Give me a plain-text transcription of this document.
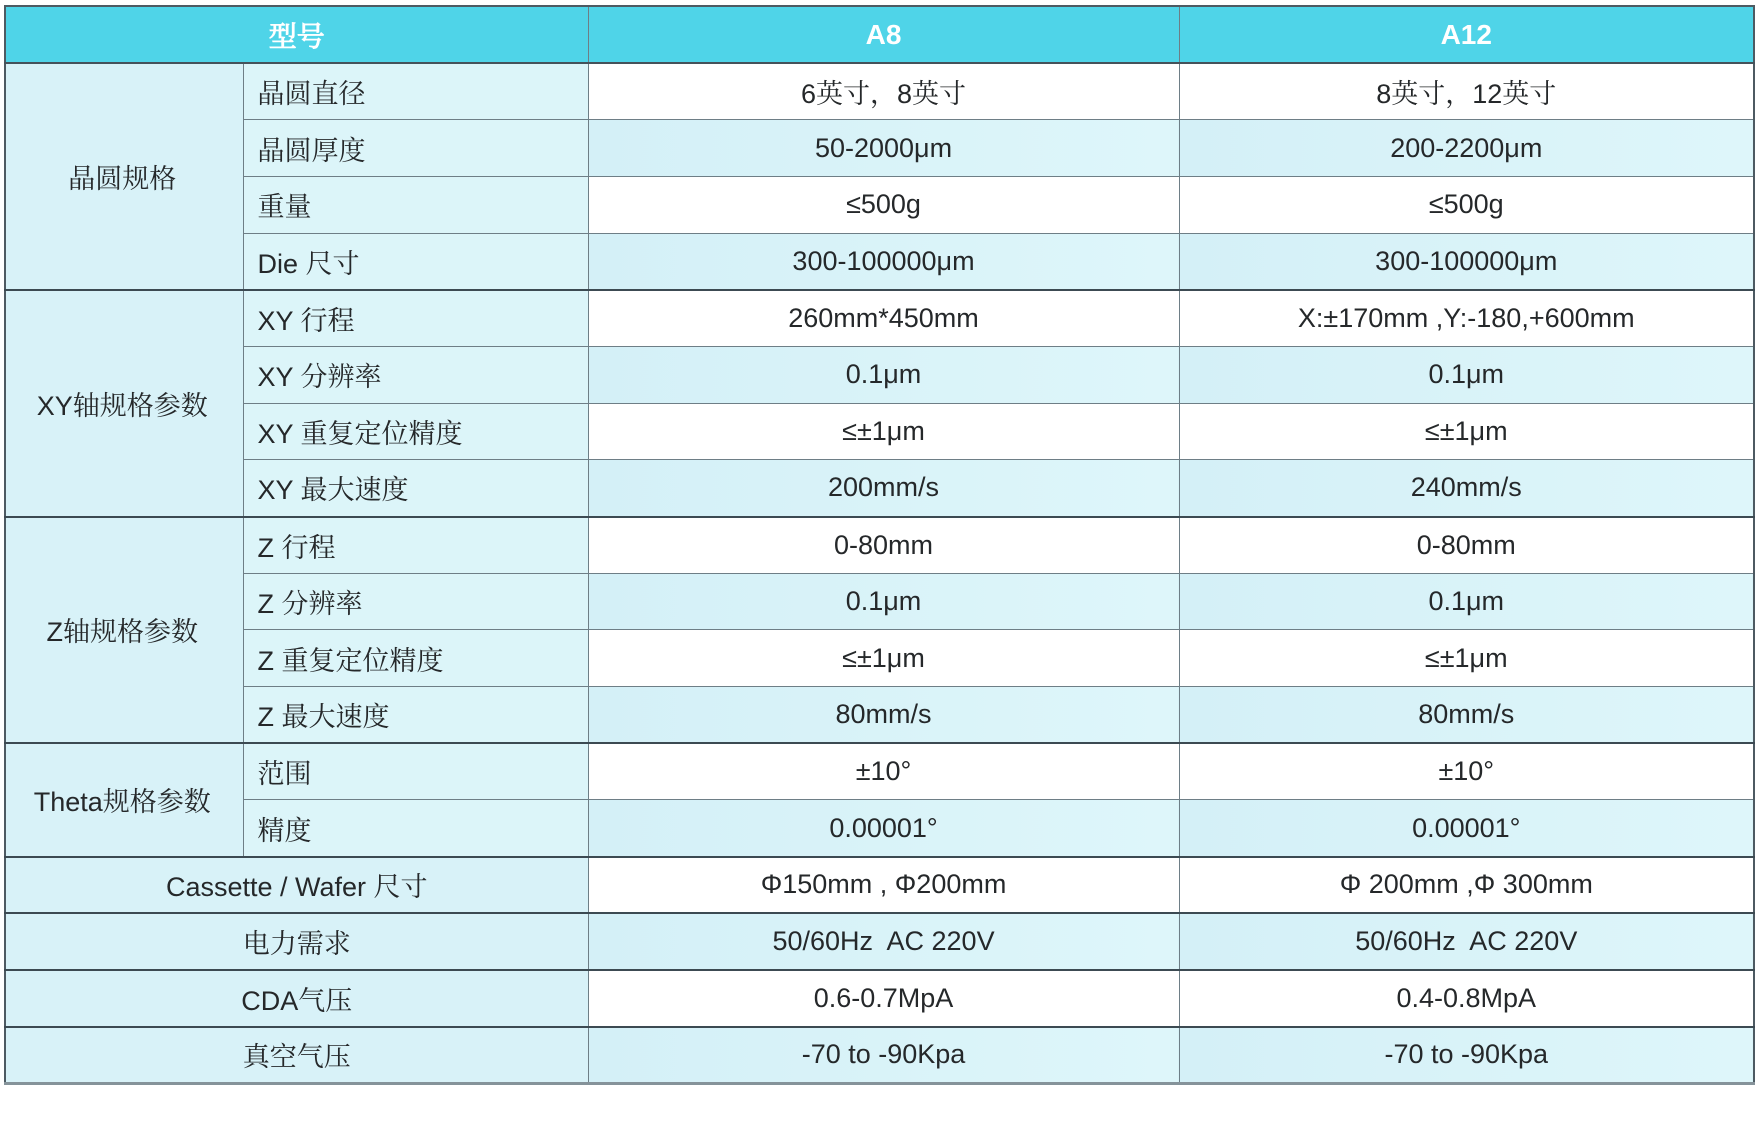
型号		A8	A12
晶圆规格	晶圆直径	6英寸，8英寸	8英寸，12英寸
	晶圆厚度	50-2000μm	200-2200μm
	重量	≤500g	≤500g
	Die 尺寸	300-100000μm	300-100000μm
XY轴规格参数	XY 行程	260mm*450mm	X:±170mm ,Y:-180,+600mm
	XY 分辨率	0.1μm	0.1μm
	XY 重复定位精度	≤±1μm	≤±1μm
	XY 最大速度	200mm/s	240mm/s
Z轴规格参数	Z 行程	0-80mm	0-80mm
	Z 分辨率	0.1μm	0.1μm
	Z 重复定位精度	≤±1μm	≤±1μm
	Z 最大速度	80mm/s	80mm/s
Theta规格参数	范围	±10°	±10°
	精度	0.00001°	0.00001°
Cassette / Wafer 尺寸		Φ150mm , Φ200mm	Φ 200mm ,Φ 300mm
电力需求		50/60Hz  AC 220V	50/60Hz  AC 220V
CDA气压		0.6-0.7MpA	0.4-0.8MpA
真空气压		-70 to -90Kpa	-70 to -90Kpa
